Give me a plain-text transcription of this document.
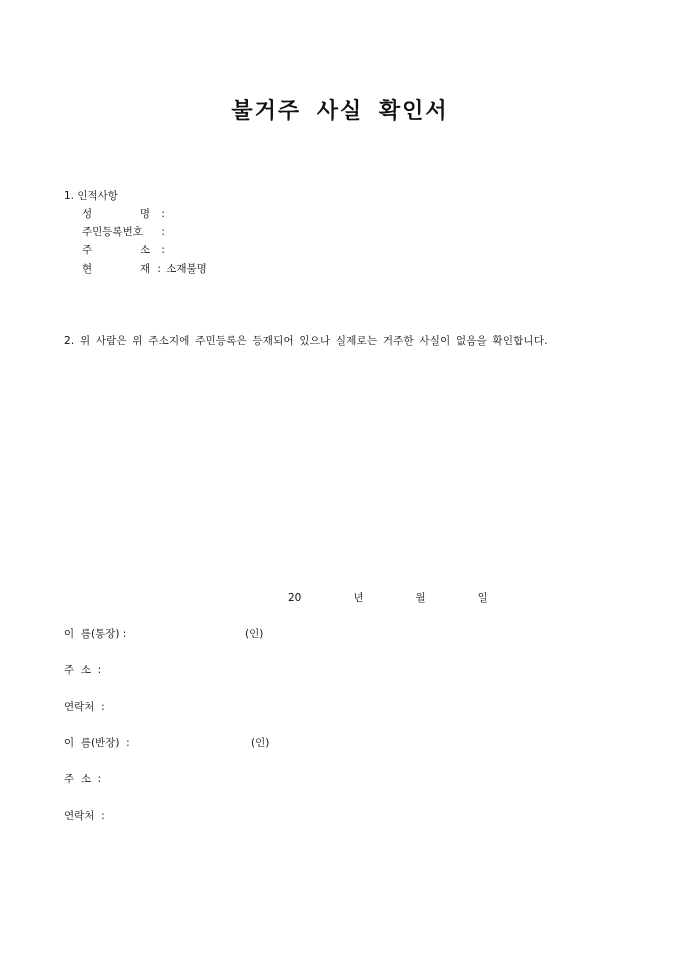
불거주 사실 확인서
1. 인적사항
성	명 :
주민등록번호 :
주	소 :
현	재 : 소재불명
2. 위 사람은 위 주소지에 주민등록은 등재되어 있으나 실제로는 거주한 사실이 없음을 확인합니다.
20   년   월   일
이  름(통장) :	(인)
주  소  :
연락처  :
이  름(반장)  :	(인)
주  소  :
연락처  :
